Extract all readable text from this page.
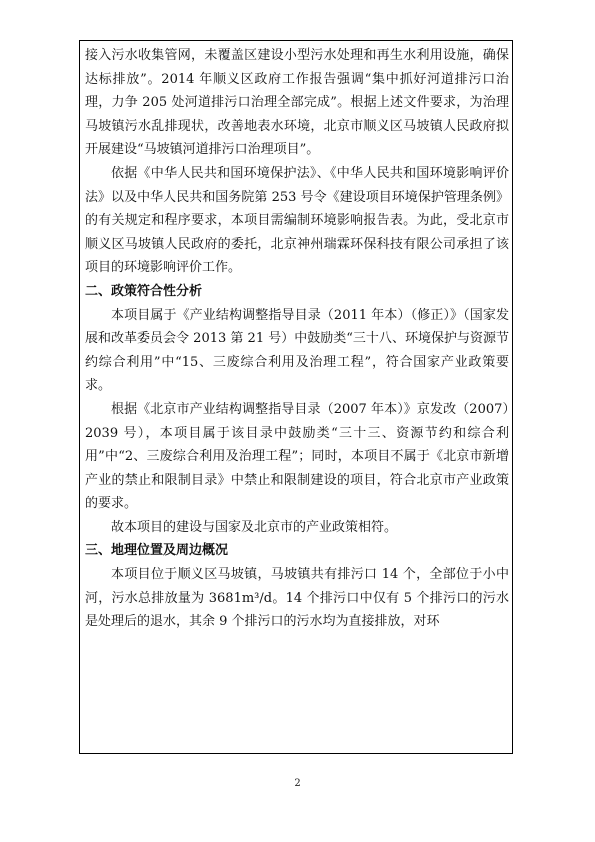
接入污水收集管网，未覆盖区建设小型污水处理和再生水利用设施，确保达标排放”。2014 年顺义区政府工作报告强调“集中抓好河道排污口治理，力争 205 处河道排污口治理全部完成”。根据上述文件要求，为治理马坡镇污水乱排现状，改善地表水环境，北京市顺义区马坡镇人民政府拟开展建设“马坡镇河道排污口治理项目”。

依据《中华人民共和国环境保护法》、《中华人民共和国环境影响评价法》以及中华人民共和国务院第 253 号令《建设项目环境保护管理条例》的有关规定和程序要求，本项目需编制环境影响报告表。为此，受北京市顺义区马坡镇人民政府的委托，北京神州瑞霖环保科技有限公司承担了该项目的环境影响评价工作。

二、政策符合性分析

本项目属于《产业结构调整指导目录（2011 年本）（修正）》（国家发展和改革委员会令 2013 第 21 号）中鼓励类“三十八、环境保护与资源节约综合利用”中“15、三废综合利用及治理工程”，符合国家产业政策要求。

根据《北京市产业结构调整指导目录（2007 年本）》京发改（2007）2039 号），本项目属于该目录中鼓励类“三十三、资源节约和综合利用”中“2、三废综合利用及治理工程”；同时，本项目不属于《北京市新增产业的禁止和限制目录》中禁止和限制建设的项目，符合北京市产业政策的要求。

故本项目的建设与国家及北京市的产业政策相符。

三、地理位置及周边概况

本项目位于顺义区马坡镇，马坡镇共有排污口 14 个，全部位于小中河，污水总排放量为 3681m³/d。14 个排污口中仅有 5 个排污口的污水是处理后的退水，其余 9 个排污口的污水均为直接排放，对环

2
